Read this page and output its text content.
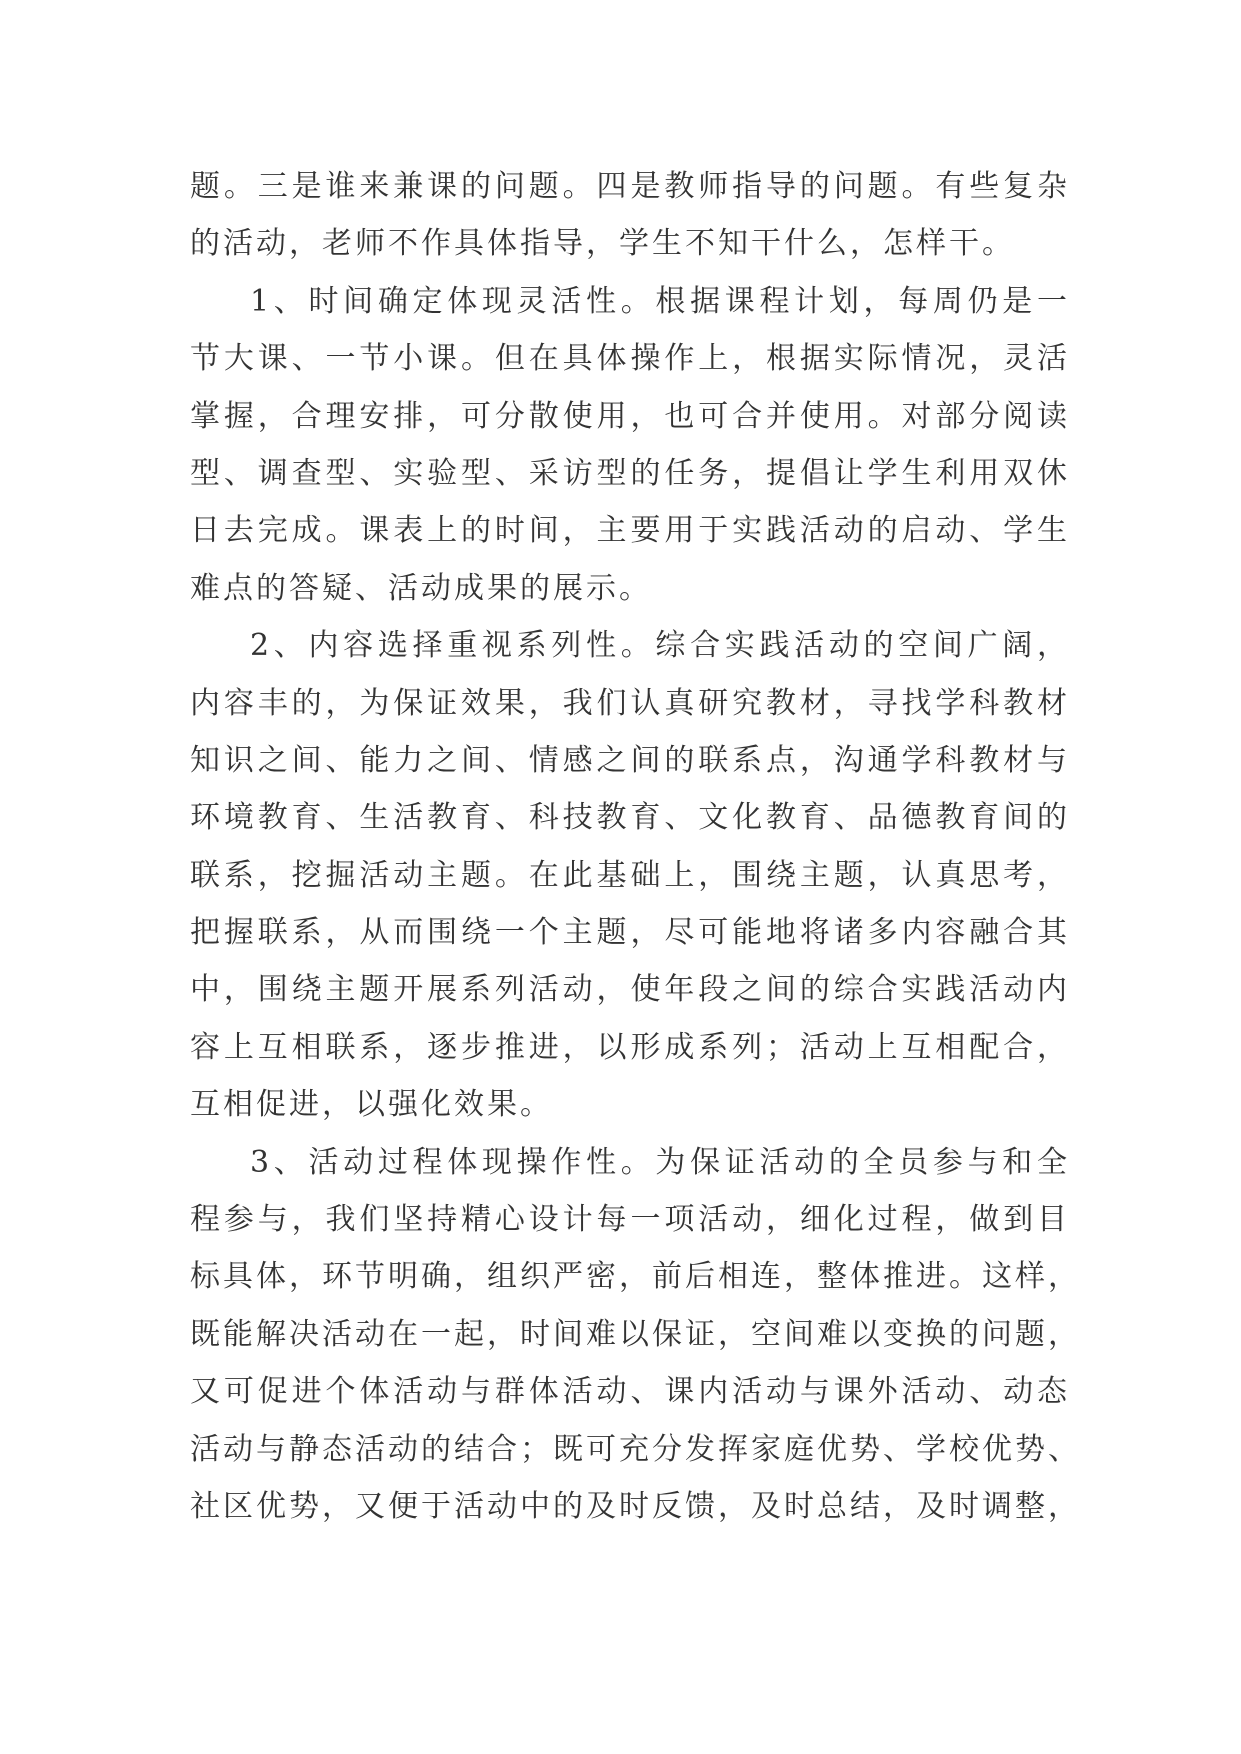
题。三是谁来兼课的问题。四是教师指导的问题。有些复杂
的活动，老师不作具体指导，学生不知干什么，怎样干。
1、时间确定体现灵活性。根据课程计划，每周仍是一
节大课、一节小课。但在具体操作上，根据实际情况，灵活
掌握，合理安排，可分散使用，也可合并使用。对部分阅读
型、调查型、实验型、采访型的任务，提倡让学生利用双休
日去完成。课表上的时间，主要用于实践活动的启动、学生
难点的答疑、活动成果的展示。
2、内容选择重视系列性。综合实践活动的空间广阔，
内容丰的，为保证效果，我们认真研究教材，寻找学科教材
知识之间、能力之间、情感之间的联系点，沟通学科教材与
环境教育、生活教育、科技教育、文化教育、品德教育间的
联系，挖掘活动主题。在此基础上，围绕主题，认真思考，
把握联系，从而围绕一个主题，尽可能地将诸多内容融合其
中，围绕主题开展系列活动，使年段之间的综合实践活动内
容上互相联系，逐步推进，以形成系列；活动上互相配合，
互相促进，以强化效果。
3、活动过程体现操作性。为保证活动的全员参与和全
程参与，我们坚持精心设计每一项活动，细化过程，做到目
标具体，环节明确，组织严密，前后相连，整体推进。这样，
既能解决活动在一起，时间难以保证，空间难以变换的问题，
又可促进个体活动与群体活动、课内活动与课外活动、动态
活动与静态活动的结合；既可充分发挥家庭优势、学校优势、
社区优势，又便于活动中的及时反馈，及时总结，及时调整，
